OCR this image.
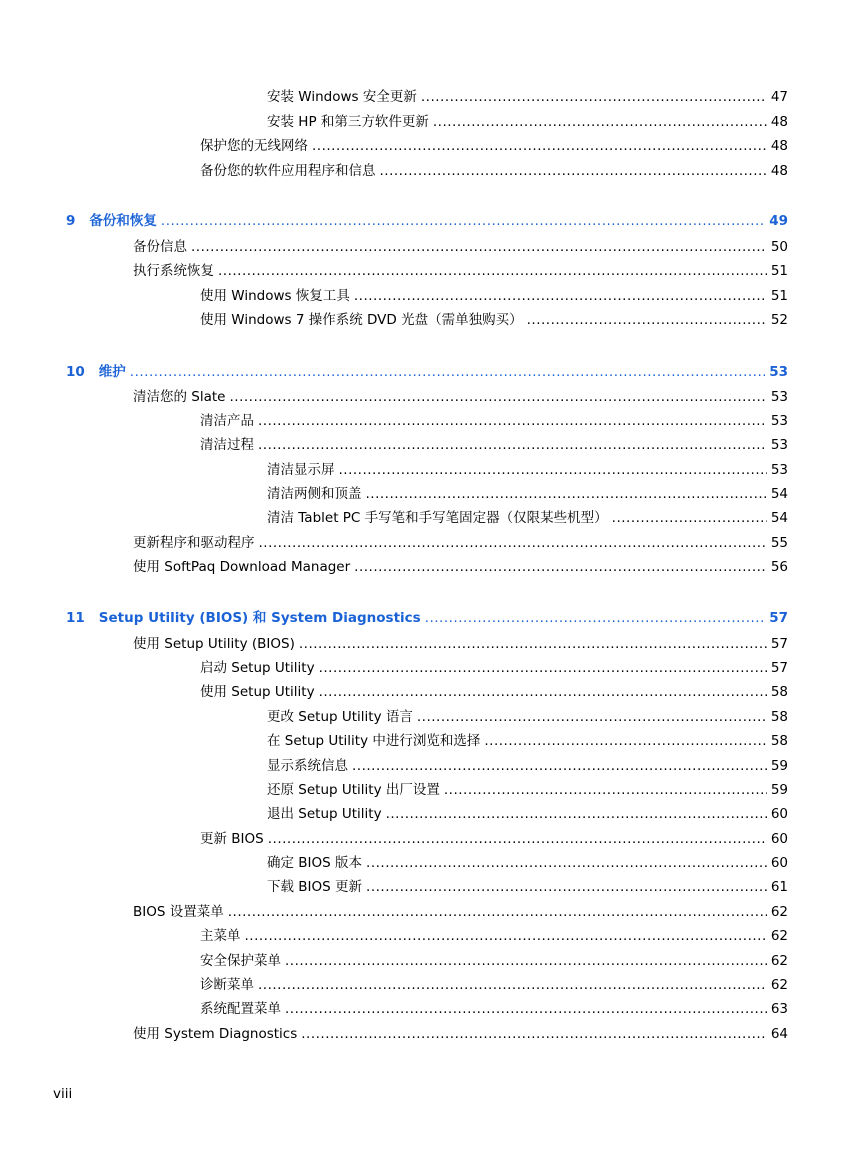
安装 Windows 安全更新 .....	47
安装 HP 和第三方软件更新 .....	48
保护您的无线网络 .....	48
备份您的软件应用程序和信息 .....	48
9 备份和恢复 .....	49
备份信息 .....	50
执行系统恢复 .....	51
使用 Windows 恢复工具 .....	51
使用 Windows 7 操作系统 DVD 光盘（需单独购买） .....	52
10 维护 .....	53
清洁您的 Slate .....	53
清洁产品 .....	53
清洁过程 .....	53
清洁显示屏 .....	53
清洁两侧和顶盖 .....	54
清洁 Tablet PC 手写笔和手写笔固定器（仅限某些机型） .....	54
更新程序和驱动程序 .....	55
使用 SoftPaq Download Manager .....	56
11 Setup Utility (BIOS) 和 System Diagnostics .....	57
使用 Setup Utility (BIOS) .....	57
启动 Setup Utility .....	57
使用 Setup Utility .....	58
更改 Setup Utility 语言 .....	58
在 Setup Utility 中进行浏览和选择 .....	58
显示系统信息 .....	59
还原 Setup Utility 出厂设置 .....	59
退出 Setup Utility .....	60
更新 BIOS .....	60
确定 BIOS 版本 .....	60
下载 BIOS 更新 .....	61
BIOS 设置菜单 .....	62
主菜单 .....	62
安全保护菜单 .....	62
诊断菜单 .....	62
系统配置菜单 .....	63
使用 System Diagnostics .....	64
viii
